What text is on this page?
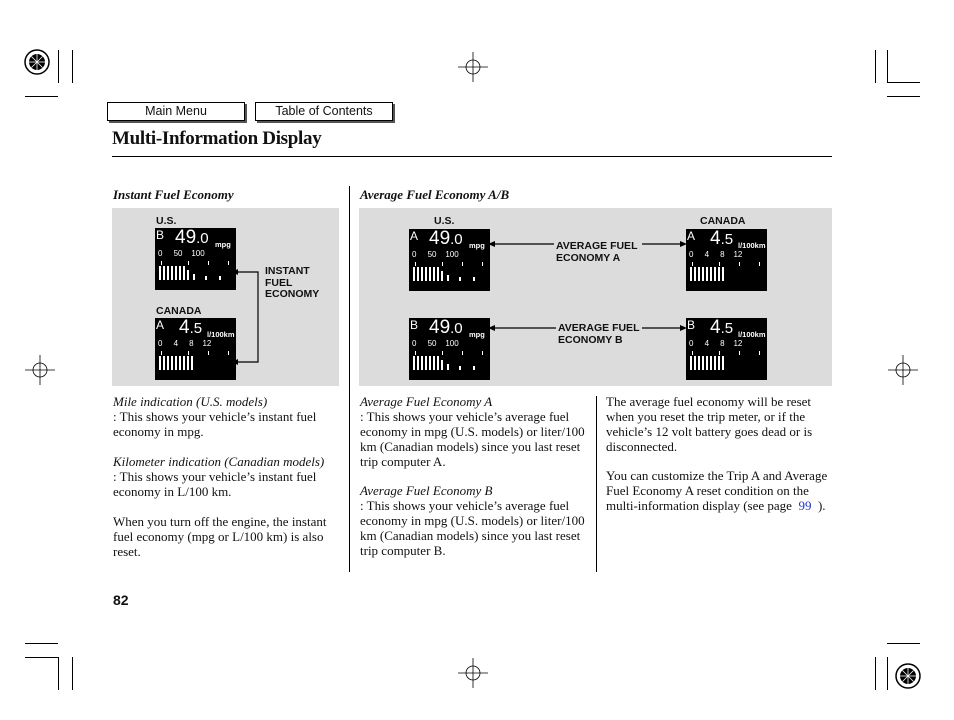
Main Menu	Table of Contents
Multi-Information Display
Instant Fuel Economy	Average Fuel Economy A/B
U.S.
CANADA
INSTANT
FUEL
ECONOMY
B 49.0 mpg
0     50    100
A 4.5 l/100km
0     4     8    12
U.S.	CANADA
AVERAGE FUEL
ECONOMY A
AVERAGE FUEL
ECONOMY B
A 49.0 mpg
0     50    100
B 49.0 mpg
0     50    100
A 4.5 l/100km
0     4     8    12
B 4.5 l/100km
0     4     8    12
Mile indication (U.S. models)
: This shows your vehicle’s instant fuel economy in mpg.
Kilometer indication (Canadian models)
: This shows your vehicle’s instant fuel economy in L/100 km.
When you turn off the engine, the instant fuel economy (mpg or L/100 km) is also reset.
Average Fuel Economy A
: This shows your vehicle’s average fuel economy in mpg (U.S. models) or liter/100 km (Canadian models) since you last reset trip computer A.
Average Fuel Economy B
: This shows your vehicle’s average fuel economy in mpg (U.S. models) or liter/100 km (Canadian models) since you last reset trip computer B.
The average fuel economy will be reset when you reset the trip meter, or if the vehicle’s 12 volt battery goes dead or is disconnected.
You can customize the Trip A and Average Fuel Economy A reset condition on the multi-information display (see page 99 ).
82
